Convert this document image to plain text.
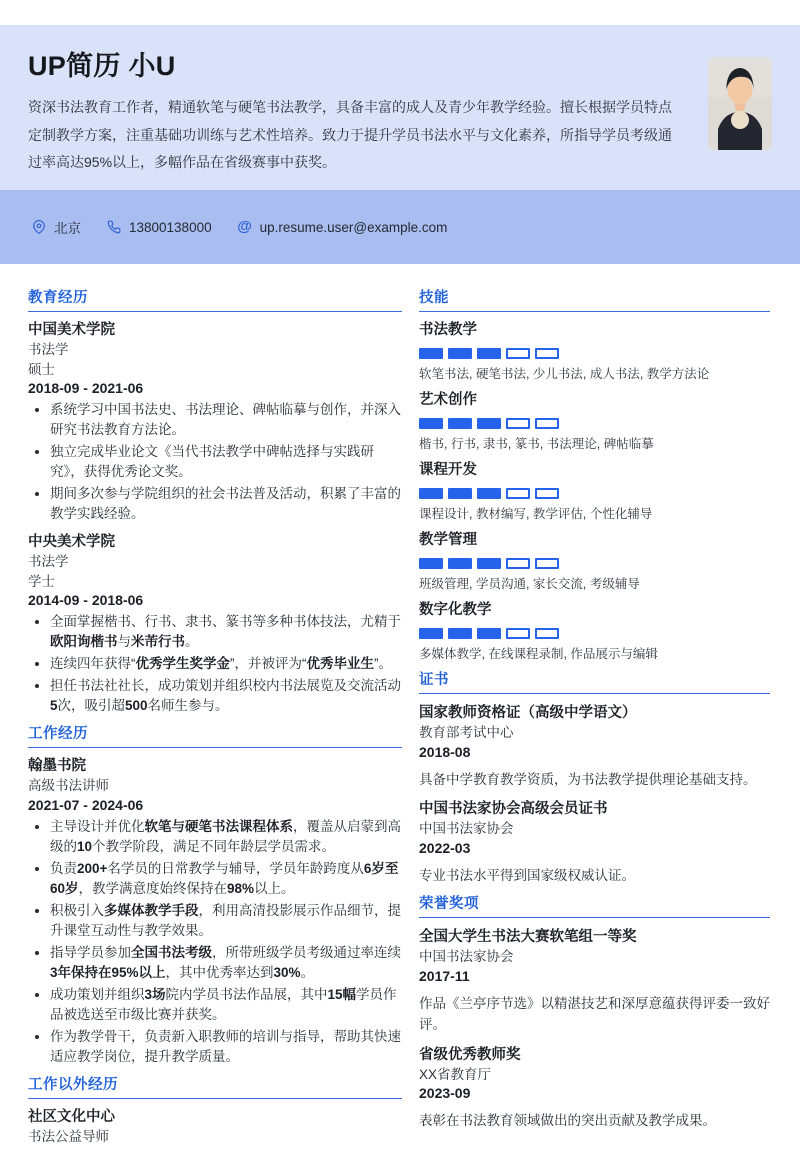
UP简历 小U

资深书法教育工作者，精通软笔与硬笔书法教学，具备丰富的成人及青少年教学经验。擅长根据学员特点定制教学方案，注重基础功训练与艺术性培养。致力于提升学员书法水平与文化素养，所指导学员考级通过率高达95%以上，多幅作品在省级赛事中获奖。

北京	13800138000 @ up.resume.user@example.com
教育经历
中国美术学院
书法学
硕士
2018-09 - 2021-06
• 系统学习中国书法史、书法理论、碑帖临摹与创作，并深入研究书法教育方法论。
• 独立完成毕业论文《当代书法教学中碑帖选择与实践研究》，获得优秀论文奖。
• 期间多次参与学院组织的社会书法普及活动，积累了丰富的教学实践经验。
中央美术学院
书法学
学士
2014-09 - 2018-06
• 全面掌握楷书、行书、隶书、篆书等多种书体技法，尤精于欧阳询楷书与米芾行书。
• 连续四年获得“优秀学生奖学金”，并被评为“优秀毕业生”。
• 担任书法社社长，成功策划并组织校内书法展览及交流活动5次，吸引超500名师生参与。
工作经历
翰墨书院
高级书法讲师
2021-07 - 2024-06
• 主导设计并优化软笔与硬笔书法课程体系，覆盖从启蒙到高级的10个教学阶段，满足不同年龄层学员需求。
• 负责200+名学员的日常教学与辅导，学员年龄跨度从6岁至60岁，教学满意度始终保持在98%以上。
• 积极引入多媒体教学手段，利用高清投影展示作品细节，提升课堂互动性与教学效果。
• 指导学员参加全国书法考级，所带班级学员考级通过率连续3年保持在95%以上，其中优秀率达到30%。
• 成功策划并组织3场院内学员书法作品展，其中15幅学员作品被选送至市级比赛并获奖。
• 作为教学骨干，负责新入职教师的培训与指导，帮助其快速适应教学岗位，提升教学质量。
工作以外经历
社区文化中心
书法公益导师
技能
书法教学
软笔书法, 硬笔书法, 少儿书法, 成人书法, 教学方法论
艺术创作
楷书, 行书, 隶书, 篆书, 书法理论, 碑帖临摹
课程开发
课程设计, 教材编写, 教学评估, 个性化辅导
教学管理
班级管理, 学员沟通, 家长交流, 考级辅导
数字化教学
多媒体教学, 在线课程录制, 作品展示与编辑
证书
国家教师资格证（高级中学语文）
教育部考试中心
2018-08
具备中学教育教学资质，为书法教学提供理论基础支持。
中国书法家协会高级会员证书
中国书法家协会
2022-03
专业书法水平得到国家级权威认证。
荣誉奖项
全国大学生书法大赛软笔组一等奖
中国书法家协会
2017-11
作品《兰亭序节选》以精湛技艺和深厚意蕴获得评委一致好评。
省级优秀教师奖
XX省教育厅
2023-09
表彰在书法教育领域做出的突出贡献及教学成果。
